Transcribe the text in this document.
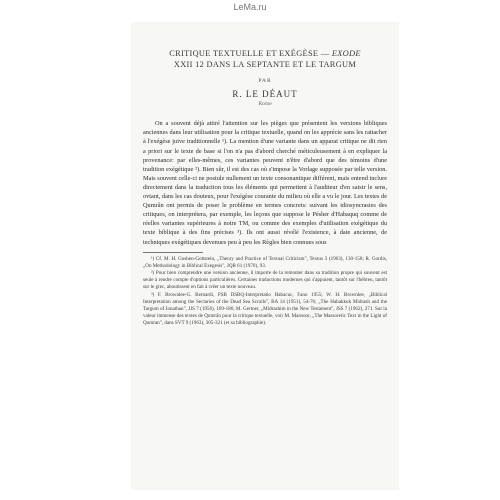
LeMa.ru
CRITIQUE TEXTUELLE ET EXÉGÈSE — EXODE
XXII 12 DANS LA SEPTANTE ET LE TARGUM
PAR
R. LE DÉAUT
Rome

On a souvent déjà attiré l'attention sur les pièges que présentent les versions bibliques anciennes dans leur utilisation pour la critique textuelle, quand on les apprécie sans les rattacher à l'exégèse juive traditionnelle ¹). La mention d'une variante dans un apparat critique ne dit rien a priori sur le texte de base si l'on n'a pas d'abord cherché méticuleusement à en expliquer la provenance: par elles-mêmes, ces variantes peuvent n'être d'abord que des témoins d'une tradition exégétique ²). Bien sûr, il est des cas où s'impose la Vorlage supposée par telle version. Mais souvent celle-ci ne postule nullement un texte consonantique différent, mais entend inclure directement dans la traduction tous les éléments qui permettent à l'auditeur d'en saisir le sens, ovtant, dans les cas douteux, pour l'exégèse courante du milieu où elle a vu le jour. Les textes de Qumrân ont permis de poser le problème en termes concrets: suivant les idiosyncrasies des critiques, on interprétera, par exemple, les leçons que suppose le Pésher d'Habaquq comme de réelles variantes supérieures à notre TM, ou comme des exemples d'utilisation exégétique du texte biblique à des fins précises ³). Ils ont aussi révélé l'existence, à date ancienne, de techniques exégétiques devenues peu à peu les Règles bien connues sous

¹) Cf. M. H. Goshen-Gottstein, „Theory and Practice of Textual Criticism", Textus 3 (1963), 130-158; R. Gordis, „On Methodology in Biblical Exegesis", JQR 61 (1970), 93.

²) Pour bien comprendre une version ancienne, il importe de la remonter dans sa tradition propre qui souvent est seule à rendre compte d'options particulières. Certaines traductions modernes qui s'appuient, tantôt sur l'hébreu, tantôt sur le grec, aboutissent en fait à créer un texte nouveau.

³) F. Brownlee-G. Bernardi, PSB DSBQ-Interpretatio Habacuc, Fano 1955; W. H. Brownlee, „Biblical Interpretation among the Sectaries of the Dead Sea Scrolls", BA 14 (1951), 54-76; „The Habakkuk Midrash and the Targum of Jonathan", JJS 7 (1956), 169-186; M. Gertner, „Midrashim in the New Testament", JSS 7 (1962), 271. Sur la valeur immense des textes de Qumrân pour la critique textuelle, voir M. Mansoor, „The Massoretic Text in the Light of Qumran", dans SVT 9 (1963), 305-321 (et sa bibliographie).
